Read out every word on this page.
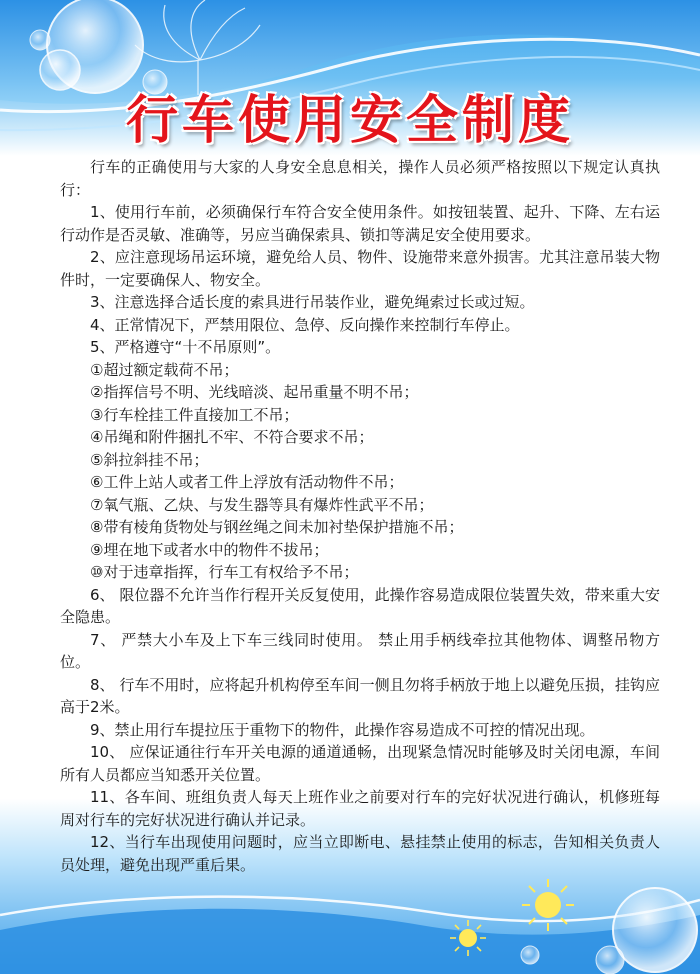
行车使用安全制度

行车的正确使用与大家的人身安全息息相关，操作人员必须严格按照以下规定认真执行：

1、使用行车前，必须确保行车符合安全使用条件。如按钮装置、起升、下降、左右运行动作是否灵敏、准确等，另应当确保索具、锁扣等满足安全使用要求。

2、应注意现场吊运环境，避免给人员、物件、设施带来意外损害。尤其注意吊装大物件时，一定要确保人、物安全。

3、注意选择合适长度的索具进行吊装作业，避免绳索过长或过短。

4、正常情况下，严禁用限位、急停、反向操作来控制行车停止。

5、严格遵守“十不吊原则”。

①超过额定载荷不吊；

②指挥信号不明、光线暗淡、起吊重量不明不吊；

③行车栓挂工件直接加工不吊；

④吊绳和附件捆扎不牢、不符合要求不吊；

⑤斜拉斜挂不吊；

⑥工件上站人或者工件上浮放有活动物件不吊；

⑦氧气瓶、乙炔、与发生器等具有爆炸性武平不吊；

⑧带有棱角货物处与钢丝绳之间未加衬垫保护措施不吊；

⑨埋在地下或者水中的物件不拔吊；

⑩对于违章指挥，行车工有权给予不吊；

6、 限位器不允许当作行程开关反复使用，此操作容易造成限位装置失效，带来重大安全隐患。

7、 严禁大小车及上下车三线同时使用。 禁止用手柄线牵拉其他物体、调整吊物方位。

8、 行车不用时，应将起升机构停至车间一侧且勿将手柄放于地上以避免压损，挂钩应高于2米。

9、禁止用行车提拉压于重物下的物件，此操作容易造成不可控的情况出现。

10、 应保证通往行车开关电源的通道通畅，出现紧急情况时能够及时关闭电源，车间所有人员都应当知悉开关位置。

11、各车间、班组负责人每天上班作业之前要对行车的完好状况进行确认，机修班每周对行车的完好状况进行确认并记录。

12、当行车出现使用问题时，应当立即断电、悬挂禁止使用的标志，告知相关负责人员处理，避免出现严重后果。
